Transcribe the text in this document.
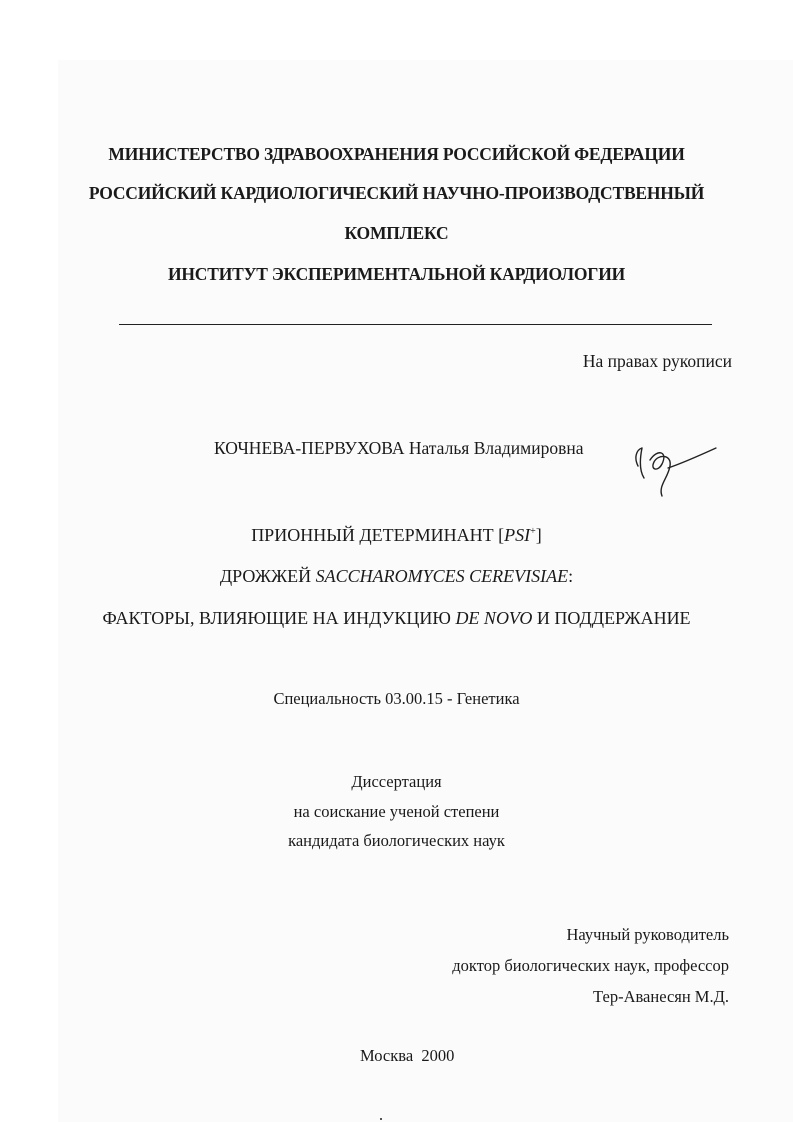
МИНИСТЕРСТВО ЗДРАВООХРАНЕНИЯ РОССИЙСКОЙ ФЕДЕРАЦИИ
РОССИЙСКИЙ КАРДИОЛОГИЧЕСКИЙ НАУЧНО-ПРОИЗВОДСТВЕННЫЙ
КОМПЛЕКС
ИНСТИТУТ ЭКСПЕРИМЕНТАЛЬНОЙ КАРДИОЛОГИИ
На правах рукописи
КОЧНЕВА-ПЕРВУХОВА Наталья Владимировна
ПРИОННЫЙ ДЕТЕРМИНАНТ [PSI+]
ДРОЖЖЕЙ SACCHAROMYCES CEREVISIAE:
ФАКТОРЫ, ВЛИЯЮЩИЕ НА ИНДУКЦИЮ DE NOVO И ПОДДЕРЖАНИЕ
Специальность 03.00.15 - Генетика
Диссертация
на соискание ученой степени
кандидата биологических наук
Научный руководитель
доктор биологических наук, профессор
Тер-Аванесян М.Д.
Москва  2000
